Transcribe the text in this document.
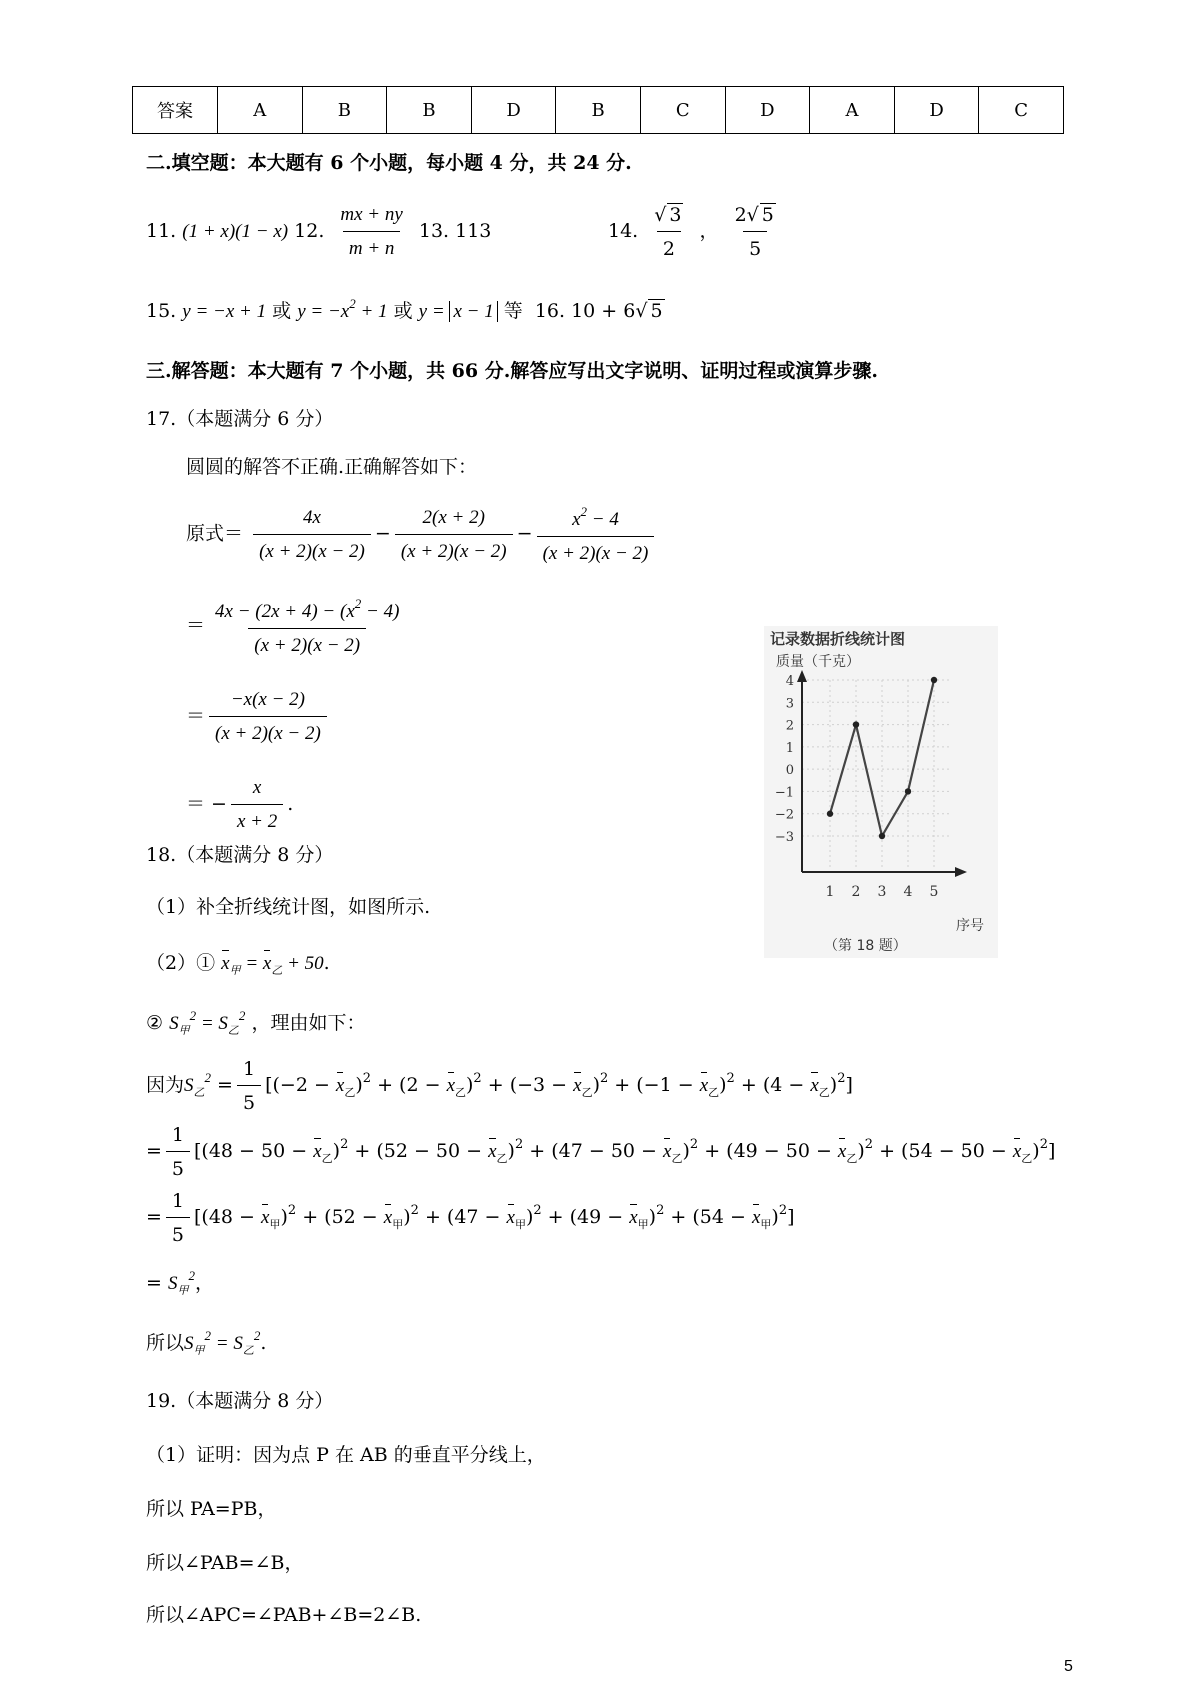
答案	A	B	B	D	B	C	D	A	D	C
二.填空题：本大题有 6 个小题，每小题 4 分，共 24 分.
11. (1 + x)(1 − x) 12. $\frac{mx + ny}{m + n} 13$. 113	14. $\frac{√ 3}{2}$ ， $\frac{2√ 5}{5}$
15. y = −x + 1 或 $y = -x^2 + 1$ 或 y = x − 1 等 16. 10 + 6√ 5
三.解答题：本大题有 7 个小题，共 66 分.解答应写出文字说明、证明过程或演算步骤.
17.（本题满分 6 分）
圆圆的解答不正确.正确解答如下：
原式＝ $\frac{4x}{(x + 2)(x - 2)} - \frac{2(x + 2)}{(x + 2)(x - 2)} - \frac{x^2 - 4}{(x + 2)(x - 2)}$
＝ $\frac{4x - (2x + 4) - (x^2 - 4)}{(x + 2)(x - 2)}$
＝ $\frac{-x(x - 2)}{(x + 2)(x - 2)}$
＝ − $\frac{x}{x + 2}$ .
18.（本题满分 8 分）
（1）补全折线统计图，如图所示.
（2）① $x_甲 = x_乙 + 50$.
② $S_甲^2 = S_乙^2$ ，理由如下：
因为$S_乙^2 = \frac{1}{5} [(-2 - x_乙)^2 + (2 - x_乙)^2 + (-3 - x_乙)^2 + (-1 - x_乙)^2 + (4 - x_乙)^2]$
= $\frac{1}{5} [(48 - 50 - x_乙)^2 + (52 - 50 - x_乙)^2 + (47 - 50 - x_乙)^2 + (49 - 50 - x_乙)^2 + (54 - 50 - x_乙)^2]$
= $\frac{1}{5} [(48 - x_甲)^2 + (52 - x_甲)^2 + (47 - x_甲)^2 + (49 - x_甲)^2 + (54 - x_甲)^2]$
= $S_甲^2$，
所以$S_甲^2 = S_乙^2$.
19.（本题满分 8 分）
（1）证明：因为点 P 在 AB 的垂直平分线上，
所以 PA=PB，
所以∠PAB=∠B，
所以∠APC=∠PAB+∠B=2∠B.
5
记录数据折线统计图
质量（千克）
序号
（第 18 题）
4
3
2
1
0
−1
−2
−3
1 2 3 4 5
